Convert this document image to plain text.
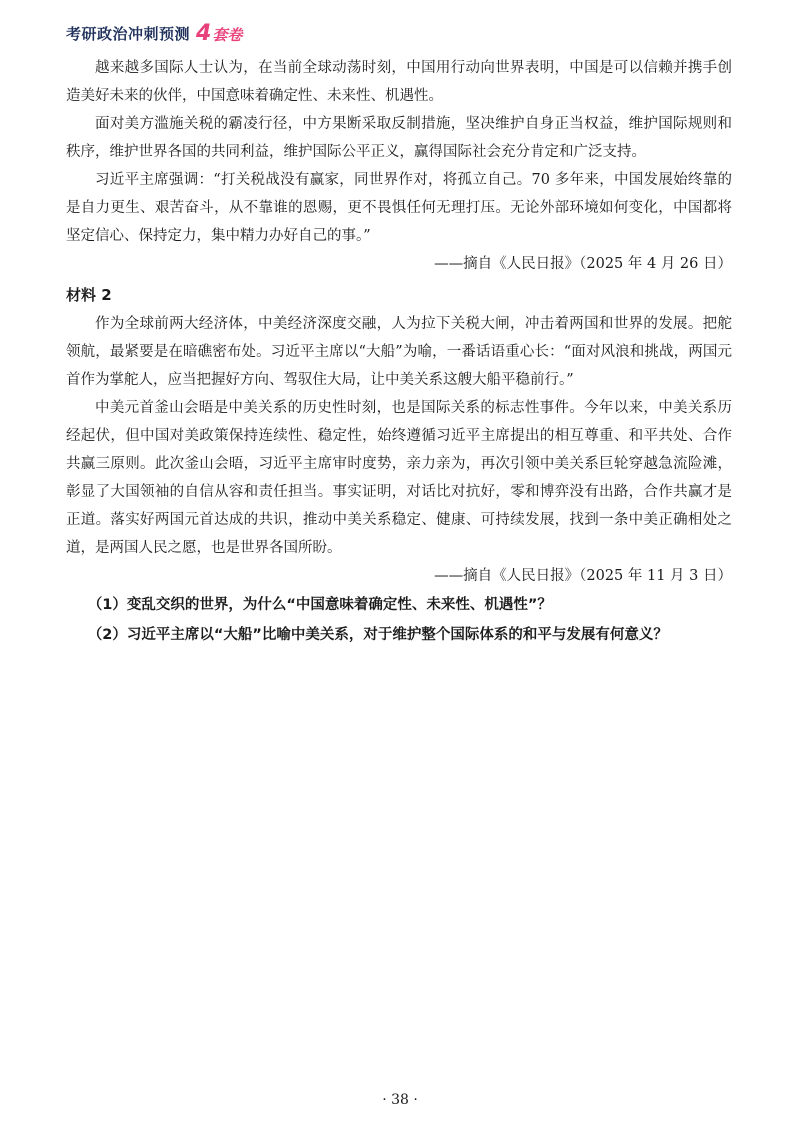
考研政治冲刺预测 4套卷

越来越多国际人士认为，在当前全球动荡时刻，中国用行动向世界表明，中国是可以信赖并携手创造美好未来的伙伴，中国意味着确定性、未来性、机遇性。

面对美方滥施关税的霸凌行径，中方果断采取反制措施，坚决维护自身正当权益，维护国际规则和秩序，维护世界各国的共同利益，维护国际公平正义，赢得国际社会充分肯定和广泛支持。

习近平主席强调：“打关税战没有赢家，同世界作对，将孤立自己。70 多年来，中国发展始终靠的是自力更生、艰苦奋斗，从不靠谁的恩赐，更不畏惧任何无理打压。无论外部环境如何变化，中国都将坚定信心、保持定力，集中精力办好自己的事。”

——摘自《人民日报》（2025 年 4 月 26 日）

材料 2

作为全球前两大经济体，中美经济深度交融，人为拉下关税大闸，冲击着两国和世界的发展。把舵领航，最紧要是在暗礁密布处。习近平主席以“大船”为喻，一番话语重心长：“面对风浪和挑战，两国元首作为掌舵人，应当把握好方向、驾驭住大局，让中美关系这艘大船平稳前行。”

中美元首釜山会晤是中美关系的历史性时刻，也是国际关系的标志性事件。今年以来，中美关系历经起伏，但中国对美政策保持连续性、稳定性，始终遵循习近平主席提出的相互尊重、和平共处、合作共赢三原则。此次釜山会晤，习近平主席审时度势，亲力亲为，再次引领中美关系巨轮穿越急流险滩，彰显了大国领袖的自信从容和责任担当。事实证明，对话比对抗好，零和博弈没有出路，合作共赢才是正道。落实好两国元首达成的共识，推动中美关系稳定、健康、可持续发展，找到一条中美正确相处之道，是两国人民之愿，也是世界各国所盼。

——摘自《人民日报》（2025 年 11 月 3 日）

（1）变乱交织的世界，为什么“中国意味着确定性、未来性、机遇性”？

（2）习近平主席以“大船”比喻中美关系，对于维护整个国际体系的和平与发展有何意义？

· 38 ·
